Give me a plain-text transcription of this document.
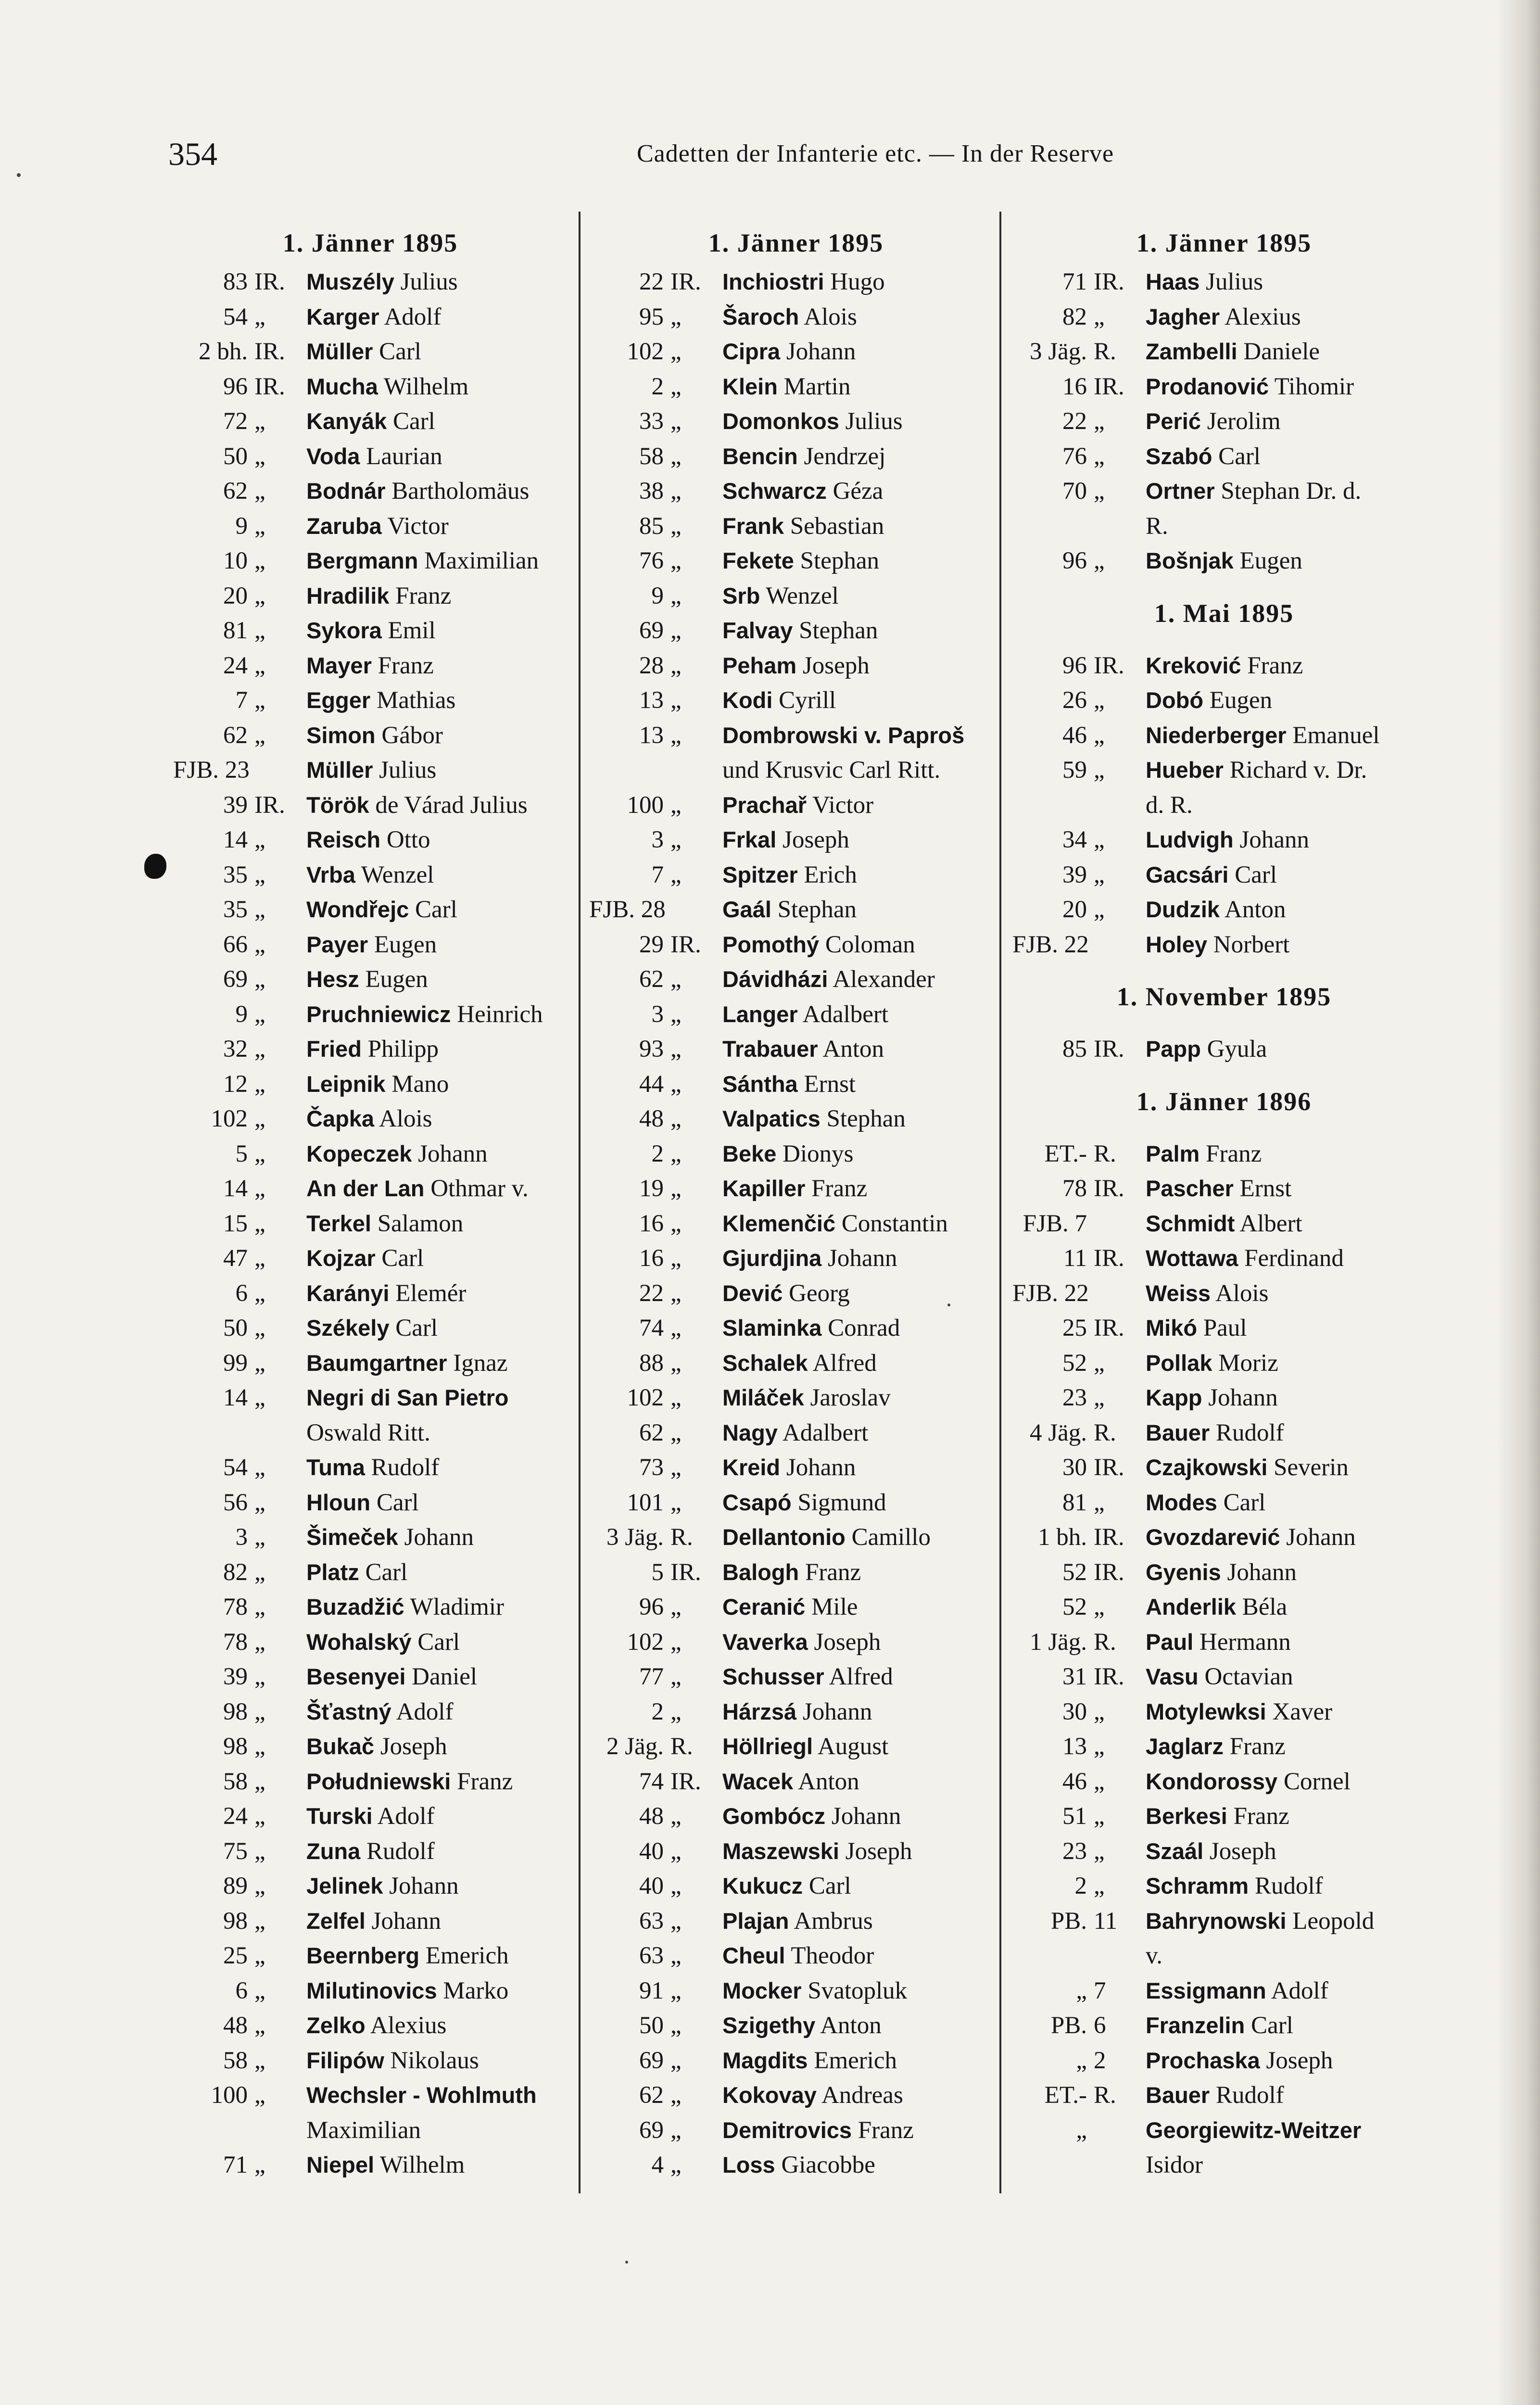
354	Cadetten der Infanterie etc. — In der Reserve
1. Jänner 1895
83 IR. Muszély Julius
54 „	Karger Adolf
2 bh. IR. Müller Carl
96 IR. Mucha Wilhelm
72 „	Kanyák Carl
50 „	Voda Laurian
62 „	Bodnár Bartholomäus
9 „	Zaruba Victor
10 „	Bergmann Maximilian
20 „	Hradilik Franz
81 „	Sykora Emil
24 „	Mayer Franz
7 „	Egger Mathias
62 „	Simon Gábor
FJB. 23	Müller Julius
39 IR. Török de Várad Julius
14 „	Reisch Otto
35 „	Vrba Wenzel
35 „	Wondřejc Carl
66 „	Payer Eugen
69 „	Hesz Eugen
9 „	Pruchniewicz Heinrich
32 „	Fried Philipp
12 „	Leipnik Mano
102 „	Čapka Alois
5 „	Kopeczek Johann
14 „	An der Lan Othmar v.
15 „	Terkel Salamon
47 „	Kojzar Carl
6 „	Karányi Elemér
50 „	Székely Carl
99 „	Baumgartner Ignaz
14 „	Negri di San Pietro
Oswald Ritt.
54 „	Tuma Rudolf
56 „	Hloun Carl
3 „	Šimeček Johann
82 „	Platz Carl
78 „	Buzadžić Wladimir
78 „	Wohalský Carl
39 „	Besenyei Daniel
98 „	Šťastný Adolf
98 „	Bukač Joseph
58 „	Południewski Franz
24 „	Turski Adolf
75 „	Zuna Rudolf
89 „	Jelinek Johann
98 „	Zelfel Johann
25 „	Beernberg Emerich
6 „	Milutinovics Marko
48 „	Zelko Alexius
58 „	Filipów Nikolaus
100 „	Wechsler - Wohlmuth
Maximilian
71 „	Niepel Wilhelm
1. Jänner 1895
22 IR. Inchiostri Hugo
95 „	Šaroch Alois
102 „	Cipra Johann
2 „	Klein Martin
33 „	Domonkos Julius
58 „	Bencin Jendrzej
38 „	Schwarcz Géza
85 „	Frank Sebastian
76 „	Fekete Stephan
9 „	Srb Wenzel
69 „	Falvay Stephan
28 „	Peham Joseph
13 „	Kodi Cyrill
13 „	Dombrowski v. Paproš
und Krusvic Carl Ritt.
100 „	Prachař Victor
3 „	Frkal Joseph
7 „	Spitzer Erich
FJB. 28	Gaál Stephan
29 IR. Pomothý Coloman
62 „	Dávidházi Alexander
3 „	Langer Adalbert
93 „	Trabauer Anton
44 „	Sántha Ernst
48 „	Valpatics Stephan
2 „	Beke Dionys
19 „	Kapiller Franz
16 „	Klemenčić Constantin
16 „	Gjurdjina Johann
22 „	Dević Georg
74 „	Slaminka Conrad
88 „	Schalek Alfred
102 „	Miláček Jaroslav
62 „	Nagy Adalbert
73 „	Kreid Johann
101 „	Csapó Sigmund
3 Jäg. R.	Dellantonio Camillo
5 IR. Balogh Franz
96 „	Ceranić Mile
102 „	Vaverka Joseph
77 „	Schusser Alfred
2 „	Hárzsá Johann
2 Jäg. R.	Höllriegl August
74 IR. Wacek Anton
48 „	Gombócz Johann
40 „	Maszewski Joseph
40 „	Kukucz Carl
63 „	Plajan Ambrus
63 „	Cheul Theodor
91 „	Mocker Svatopluk
50 „	Szigethy Anton
69 „	Magdits Emerich
62 „	Kokovay Andreas
69 „	Demitrovics Franz
4 „	Loss Giacobbe
1. Jänner 1895
71 IR. Haas Julius
82 „	Jagher Alexius
3 Jäg. R.	Zambelli Daniele
16 IR. Prodanović Tihomir
22 „	Perić Jerolim
76 „	Szabó Carl
70 „	Ortner Stephan Dr. d.
R.
96 „	Bošnjak Eugen
1. Mai 1895
96 IR. Kreković Franz
26 „	Dobó Eugen
46 „	Niederberger Emanuel
59 „	Hueber Richard v. Dr.
d. R.
34 „	Ludvigh Johann
39 „	Gacsári Carl
20 „	Dudzik Anton
FJB. 22	Holey Norbert
1. November 1895
85 IR. Papp Gyula
1. Jänner 1896
ET.- R.	Palm Franz
78 IR. Pascher Ernst
FJB. 7	Schmidt Albert
11 IR. Wottawa Ferdinand
FJB. 22	Weiss Alois
25 IR. Mikó Paul
52 „	Pollak Moriz
23 „	Kapp Johann
4 Jäg. R.	Bauer Rudolf
30 IR. Czajkowski Severin
81 „	Modes Carl
1 bh. IR. Gvozdarević Johann
52 IR. Gyenis Johann
52 „	Anderlik Béla
1 Jäg. R.	Paul Hermann
31 IR. Vasu Octavian
30 „	Motylewksi Xaver
13 „	Jaglarz Franz
46 „	Kondorossy Cornel
51 „	Berkesi Franz
23 „	Szaál Joseph
2 „	Schramm Rudolf
PB. 11	Bahrynowski Leopold
v.
„ 7	Essigmann Adolf
PB. 6	Franzelin Carl
„ 2	Prochaska Joseph
ET.- R.	Bauer Rudolf
„	Georgiewitz-Weitzer
Isidor
